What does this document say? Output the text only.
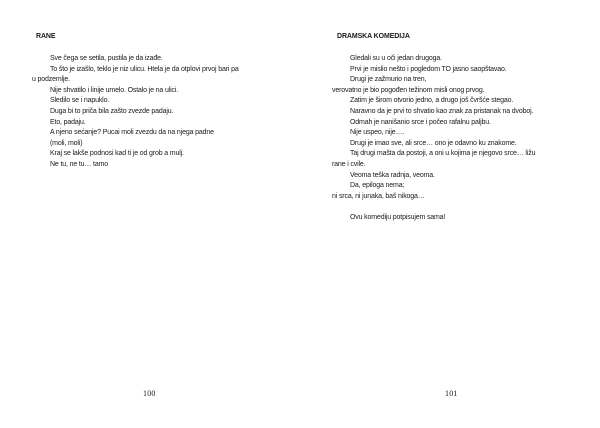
RANE
Sve čega se setila, pustila je da izađe.
To što je izašlo, teklo je niz ulicu. Htela je da otplovi prvoj bari pa
u podzemlje.
Nije shvatilo i linije umelo. Ostalo je na ulici.
Sledilo se i napuklo.
Duga bi to priča bila zašto zvezde padaju.
Eto, padaju.
A njeno sećanje? Pucai moli zvezdu da na njega padne
(moli, moli)
Kraj se lakše podnosi kad ti je od grob a mulj.
Ne tu, ne tu… tamo
100
DRAMSKA KOMEDIJA
Gledali su u oči jedan drugoga.
Prvi je mislio nešto i pogledom TO jasno saopštavao.
Drugi je zažmurio na tren,
verovatno je bio pogođen težinom misli onog prvog.
Zatim je širom otvorio jedno, a drugo još čvršće stegao.
Naravno da je prvi to shvatio kao znak za pristanak na dvoboj.
Odmah je nanišanio srce i počeo rafalnu paljbu.
Nije uspeo, nije….
Drugi je imao sve, ali srce… ono je odavno ku znakome.
Taj drugi mašta da postoji, a oni u kojima je njegovo srce… ližu
rane i cvile.
Veoma teška radnja, veoma.
Da, epiloga nema;
ni srca, ni junaka, baš nikoga…
Ovu komediju potpisujem sama!
101
